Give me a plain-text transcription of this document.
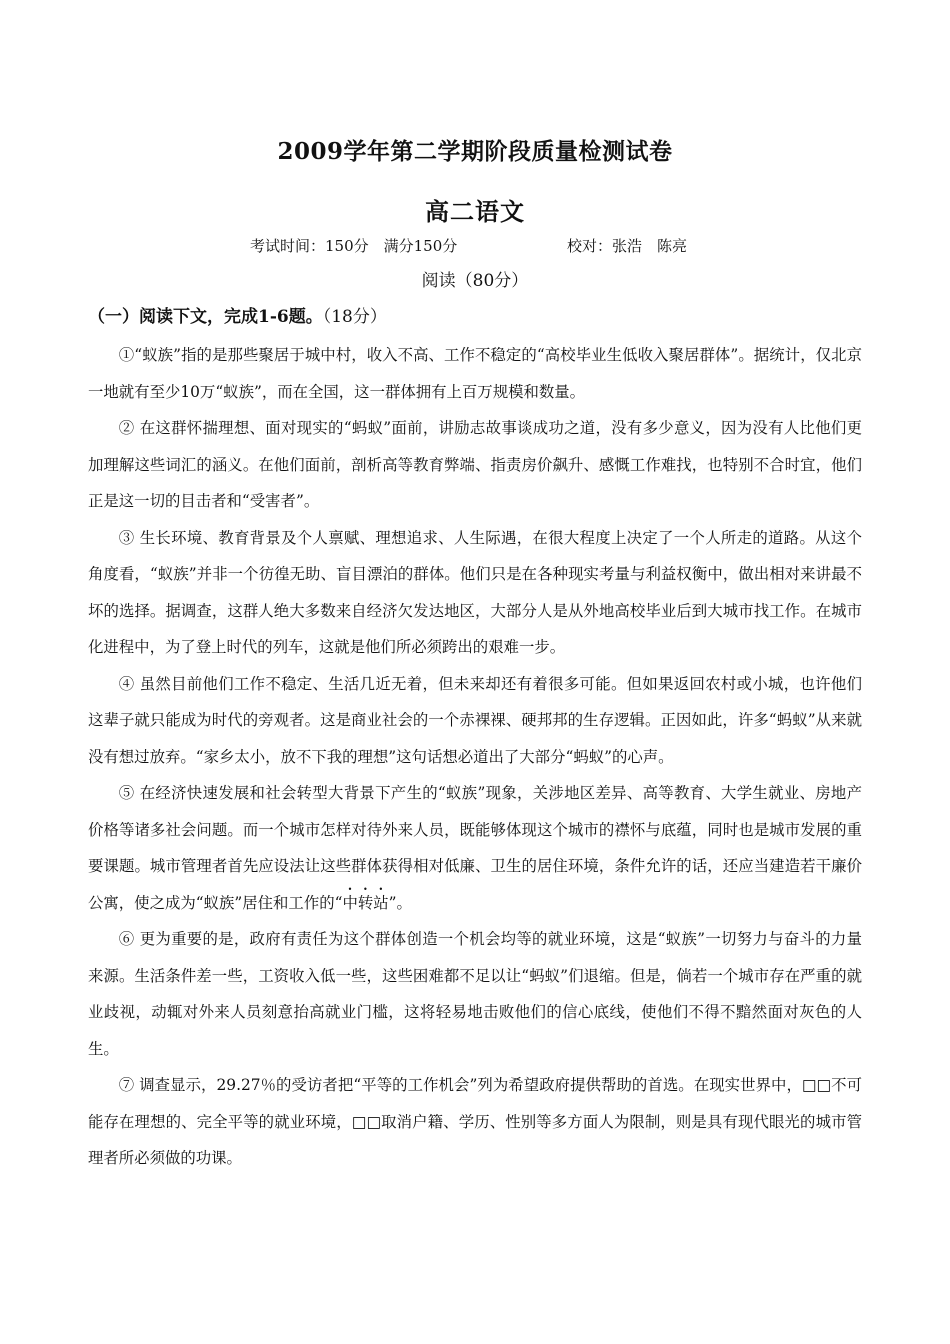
2009学年第二学期阶段质量检测试卷
高二语文
考试时间：150分　满分150分	校对：张浩　陈亮
阅读（80分）
（一）阅读下文，完成1-6题。（18分）

①“蚁族”指的是那些聚居于城中村，收入不高、工作不稳定的“高校毕业生低收入聚居群体”。据统计，仅北京一地就有至少10万“蚁族”，而在全国，这一群体拥有上百万规模和数量。

② 在这群怀揣理想、面对现实的“蚂蚁”面前，讲励志故事谈成功之道，没有多少意义，因为没有人比他们更加理解这些词汇的涵义。在他们面前，剖析高等教育弊端、指责房价飙升、感慨工作难找，也特别不合时宜，他们正是这一切的目击者和“受害者”。

③ 生长环境、教育背景及个人禀赋、理想追求、人生际遇，在很大程度上决定了一个人所走的道路。从这个角度看，“蚁族”并非一个彷徨无助、盲目漂泊的群体。他们只是在各种现实考量与利益权衡中，做出相对来讲最不坏的选择。据调查，这群人绝大多数来自经济欠发达地区，大部分人是从外地高校毕业后到大城市找工作。在城市化进程中，为了登上时代的列车，这就是他们所必须跨出的艰难一步。

④ 虽然目前他们工作不稳定、生活几近无着，但未来却还有着很多可能。但如果返回农村或小城，也许他们这辈子就只能成为时代的旁观者。这是商业社会的一个赤裸裸、硬邦邦的生存逻辑。正因如此，许多“蚂蚁”从来就没有想过放弃。“家乡太小，放不下我的理想”这句话想必道出了大部分“蚂蚁”的心声。

⑤ 在经济快速发展和社会转型大背景下产生的“蚁族”现象，关涉地区差异、高等教育、大学生就业、房地产价格等诸多社会问题。而一个城市怎样对待外来人员，既能够体现这个城市的襟怀与底蕴，同时也是城市发展的重要课题。城市管理者首先应设法让这些群体获得相对低廉、卫生的居住环境，条件允许的话，还应当建造若干廉价公寓，使之成为“蚁族”居住和工作的“中转站”。

⑥ 更为重要的是，政府有责任为这个群体创造一个机会均等的就业环境，这是“蚁族”一切努力与奋斗的力量来源。生活条件差一些，工资收入低一些，这些困难都不足以让“蚂蚁”们退缩。但是，倘若一个城市存在严重的就业歧视，动辄对外来人员刻意抬高就业门槛，这将轻易地击败他们的信心底线，使他们不得不黯然面对灰色的人生。

⑦ 调查显示，29.27％的受访者把“平等的工作机会”列为希望政府提供帮助的首选。在现实世界中，□□不可能存在理想的、完全平等的就业环境，□□取消户籍、学历、性别等多方面人为限制，则是具有现代眼光的城市管理者所必须做的功课。
